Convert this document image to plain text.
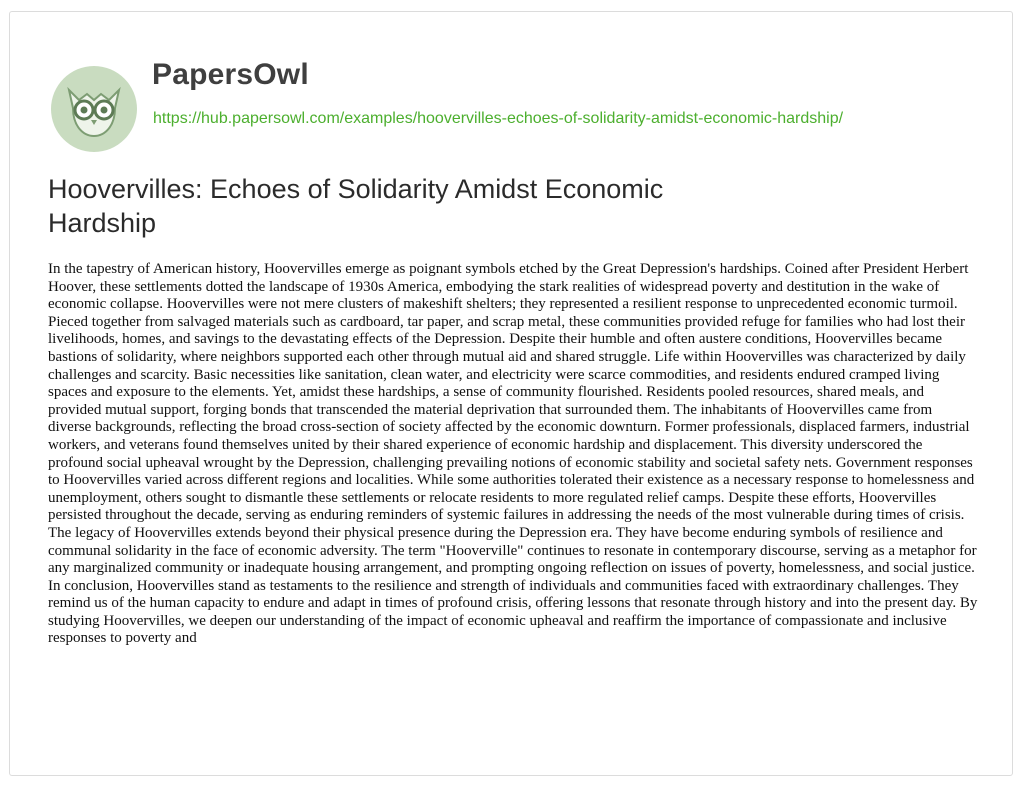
PapersOwl
https://hub.papersowl.com/examples/hoovervilles-echoes-of-solidarity-amidst-economic-hardship/
Hoovervilles: Echoes of Solidarity Amidst Economic Hardship

In the tapestry of American history, Hoovervilles emerge as poignant symbols etched by the Great Depression's hardships. Coined after President Herbert Hoover, these settlements dotted the landscape of 1930s America, embodying the stark realities of widespread poverty and destitution in the wake of economic collapse. Hoovervilles were not mere clusters of makeshift shelters; they represented a resilient response to unprecedented economic turmoil. Pieced together from salvaged materials such as cardboard, tar paper, and scrap metal, these communities provided refuge for families who had lost their livelihoods, homes, and savings to the devastating effects of the Depression. Despite their humble and often austere conditions, Hoovervilles became bastions of solidarity, where neighbors supported each other through mutual aid and shared struggle. Life within Hoovervilles was characterized by daily challenges and scarcity. Basic necessities like sanitation, clean water, and electricity were scarce commodities, and residents endured cramped living spaces and exposure to the elements. Yet, amidst these hardships, a sense of community flourished. Residents pooled resources, shared meals, and provided mutual support, forging bonds that transcended the material deprivation that surrounded them. The inhabitants of Hoovervilles came from diverse backgrounds, reflecting the broad cross-section of society affected by the economic downturn. Former professionals, displaced farmers, industrial workers, and veterans found themselves united by their shared experience of economic hardship and displacement. This diversity underscored the profound social upheaval wrought by the Depression, challenging prevailing notions of economic stability and societal safety nets. Government responses to Hoovervilles varied across different regions and localities. While some authorities tolerated their existence as a necessary response to homelessness and unemployment, others sought to dismantle these settlements or relocate residents to more regulated relief camps. Despite these efforts, Hoovervilles persisted throughout the decade, serving as enduring reminders of systemic failures in addressing the needs of the most vulnerable during times of crisis. The legacy of Hoovervilles extends beyond their physical presence during the Depression era. They have become enduring symbols of resilience and communal solidarity in the face of economic adversity. The term "Hooverville" continues to resonate in contemporary discourse, serving as a metaphor for any marginalized community or inadequate housing arrangement, and prompting ongoing reflection on issues of poverty, homelessness, and social justice. In conclusion, Hoovervilles stand as testaments to the resilience and strength of individuals and communities faced with extraordinary challenges. They remind us of the human capacity to endure and adapt in times of profound crisis, offering lessons that resonate through history and into the present day. By studying Hoovervilles, we deepen our understanding of the impact of economic upheaval and reaffirm the importance of compassionate and inclusive responses to poverty and
